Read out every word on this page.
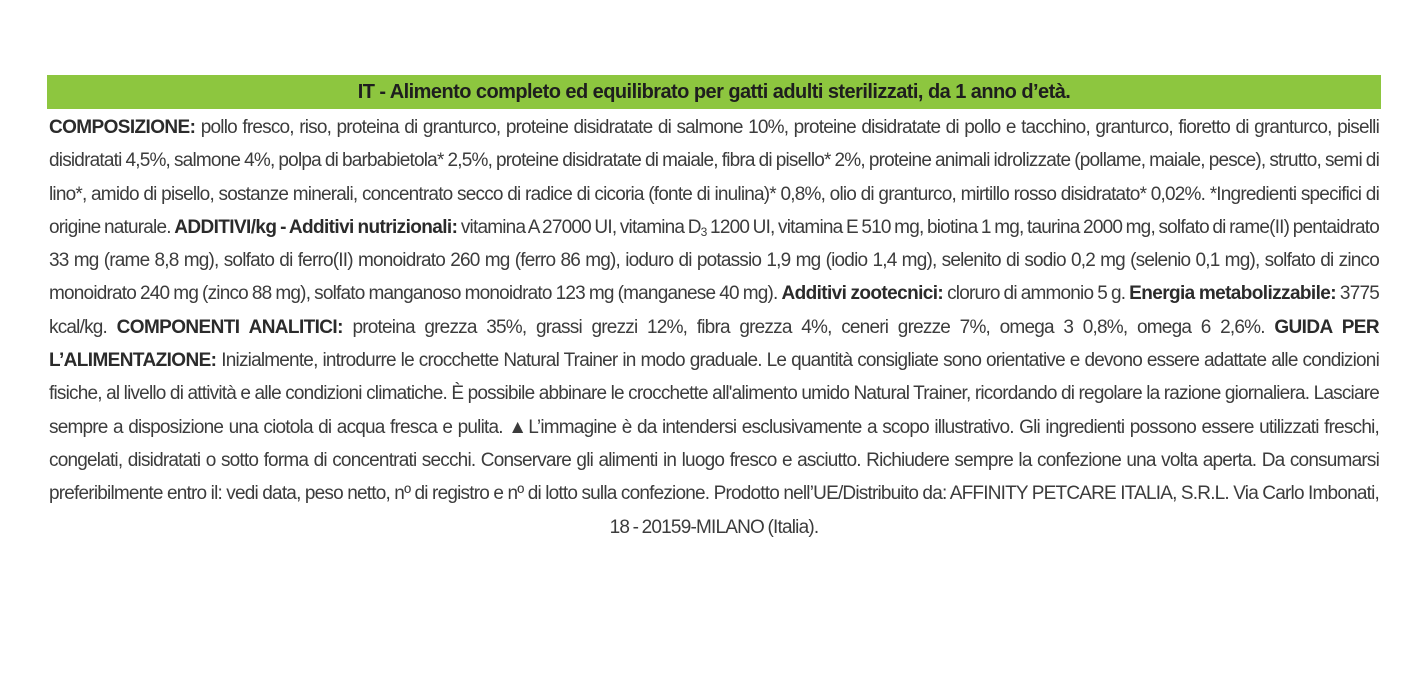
IT - Alimento completo ed equilibrato per gatti adulti sterilizzati, da 1 anno d’età.
COMPOSIZIONE: pollo fresco, riso, proteina di granturco, proteine disidratate di salmone 10%, proteine disidratate di pollo e tacchino, granturco, fioretto di granturco, piselli disidratati 4,5%, salmone 4%, polpa di barbabietola* 2,5%, proteine disidratate di maiale, fibra di pisello* 2%, proteine animali idrolizzate (pollame, maiale, pesce), strutto, semi di lino*, amido di pisello, sostanze minerali, concentrato secco di radice di cicoria (fonte di inulina)* 0,8%, olio di granturco, mirtillo rosso disidratato* 0,02%. *Ingredienti specifici di origine naturale. ADDITIVI/kg - Additivi nutrizionali: vitamina A 27000 UI, vitamina $D_3$ 1200 UI, vitamina E 510 mg, biotina 1 mg, taurina 2000 mg, solfato di rame(II) pentaidrato 33 mg (rame 8,8 mg), solfato di ferro(II) monoidrato 260 mg (ferro 86 mg), ioduro di potassio 1,9 mg (iodio 1,4 mg), selenito di sodio 0,2 mg (selenio 0,1 mg), solfato di zinco monoidrato 240 mg (zinco 88 mg), solfato manganoso monoidrato 123 mg (manganese 40 mg). Additivi zootecnici: cloruro di ammonio 5 g. Energia metabolizzabile: 3775 kcal/kg. COMPONENTI ANALITICI: proteina grezza 35%, grassi grezzi 12%, fibra grezza 4%, ceneri grezze 7%, omega 3 0,8%, omega 6 2,6%. GUIDA PER L’ALIMENTAZIONE: Inizialmente, introdurre le crocchette Natural Trainer in modo graduale. Le quantità consigliate sono orientative e devono essere adattate alle condizioni fisiche, al livello di attività e alle condizioni climatiche. È possibile abbinare le crocchette all'alimento umido Natural Trainer, ricordando di regolare la razione giornaliera. Lasciare sempre a disposizione una ciotola di acqua fresca e pulita. ▲L’immagine è da intendersi esclusivamente a scopo illustrativo. Gli ingredienti possono essere utilizzati freschi, congelati, disidratati o sotto forma di concentrati secchi. Conservare gli alimenti in luogo fresco e asciutto. Richiudere sempre la confezione una volta aperta. Da consumarsi preferibilmente entro il: vedi data, peso netto, nº di registro e nº di lotto sulla confezione. Prodotto nell’UE/Distribuito da: AFFINITY PETCARE ITALIA, S.R.L. Via Carlo Imbonati, 18 - 20159-MILANO (Italia).
